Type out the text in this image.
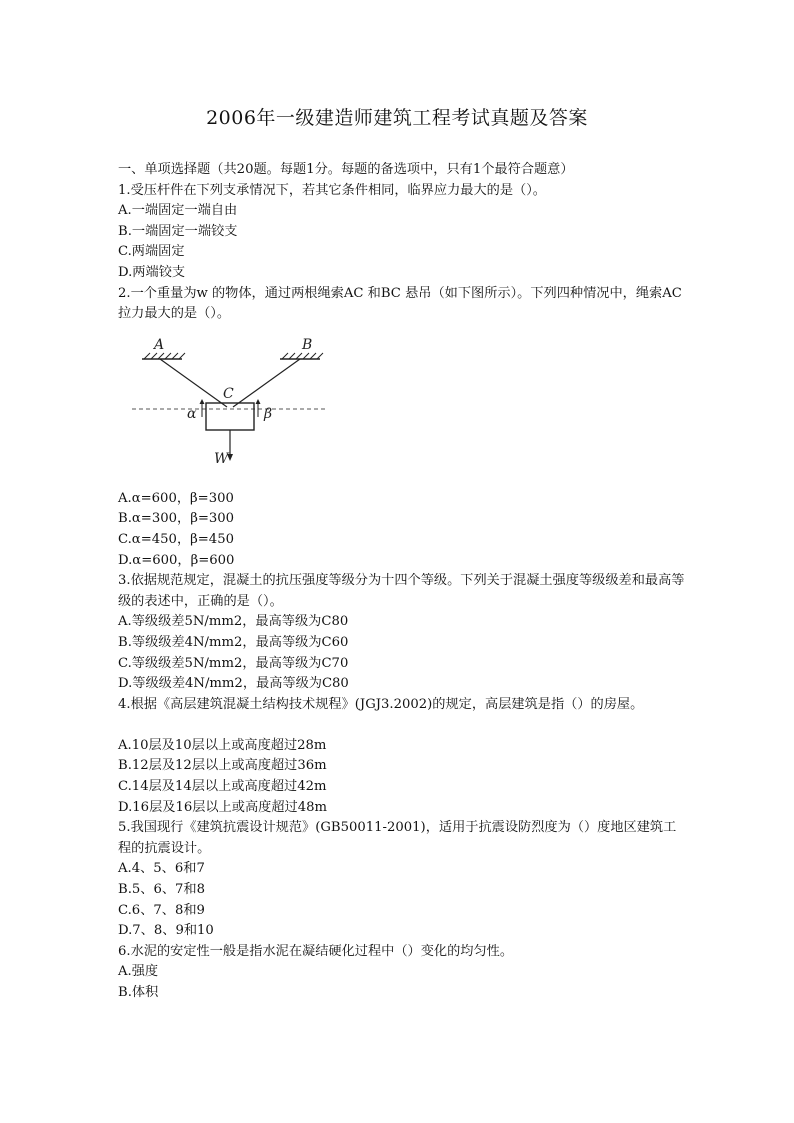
2006年一级建造师建筑工程考试真题及答案
一、单项选择题（共20题。每题1分。每题的备选项中，只有1个最符合题意）
1.受压杆件在下列支承情况下，若其它条件相同，临界应力最大的是（）。
A.一端固定一端自由
B.一端固定一端铰支
C.两端固定
D.两端铰支
2.一个重量为w 的物体，通过两根绳索AC 和BC 悬吊（如下图所示）。下列四种情况中，绳索AC 拉力最大的是（）。
A	B
C
α	β
W
A.α=600，β=300
B.α=300，β=300
C.α=450，β=450
D.α=600，β=600
3.依据规范规定，混凝土的抗压强度等级分为十四个等级。下列关于混凝土强度等级级差和最高等级的表述中，正确的是（）。
A.等级级差5N/mm2，最高等级为C80
B.等级级差4N/mm2，最高等级为C60
C.等级级差5N/mm2，最高等级为C70
D.等级级差4N/mm2，最高等级为C80
4.根据《高层建筑混凝土结构技术规程》(JGJ3.2002)的规定，高层建筑是指（）的房屋。
A.10层及10层以上或高度超过28m
B.12层及12层以上或高度超过36m
C.14层及14层以上或高度超过42m
D.16层及16层以上或高度超过48m
5.我国现行《建筑抗震设计规范》(GB50011-2001)，适用于抗震设防烈度为（）度地区建筑工程的抗震设计。
A.4、5、6和7
B.5、6、7和8
C.6、7、8和9
D.7、8、9和10
6.水泥的安定性一般是指水泥在凝结硬化过程中（）变化的均匀性。
A.强度
B.体积
